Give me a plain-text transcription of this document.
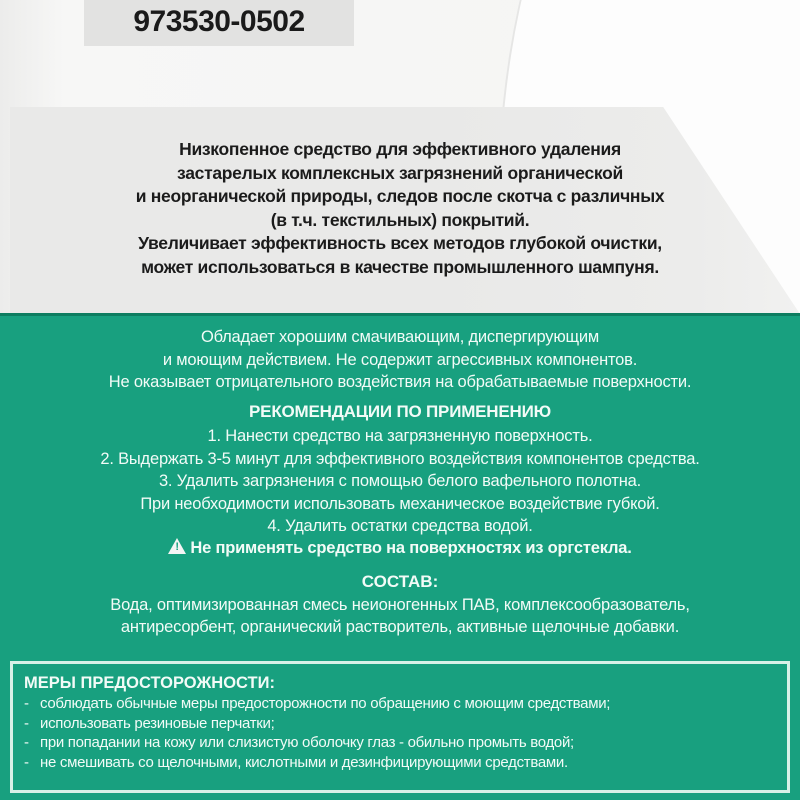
973530-0502
Низкопенное средство для эффективного удаления
застарелых комплексных загрязнений органической
и неорганической природы, следов после скотча с различных
(в т.ч. текстильных) покрытий.
Увеличивает эффективность всех методов глубокой очистки,
может использоваться в качестве промышленного шампуня.
Обладает хорошим смачивающим, диспергирующим
и моющим действием. Не содержит агрессивных компонентов.
Не оказывает отрицательного воздействия на обрабатываемые поверхности.
РЕКОМЕНДАЦИИ ПО ПРИМЕНЕНИЮ
1. Нанести средство на загрязненную поверхность.
2. Выдержать 3-5 минут для эффективного воздействия компонентов средства.
3. Удалить загрязнения с помощью белого вафельного полотна.
При необходимости использовать механическое воздействие губкой.
4. Удалить остатки средства водой.
! Не применять средство на поверхностях из оргстекла.
СОСТАВ:
Вода, оптимизированная смесь неионогенных ПАВ, комплексообразователь,
антиресорбент, органический растворитель, активные щелочные добавки.
МЕРЫ ПРЕДОСТОРОЖНОСТИ:
- соблюдать обычные меры предосторожности по обращению с моющим средствами;
- использовать резиновые перчатки;
- при попадании на кожу или слизистую оболочку глаз - обильно промыть водой;
- не смешивать со щелочными, кислотными и дезинфицирующими средствами.
